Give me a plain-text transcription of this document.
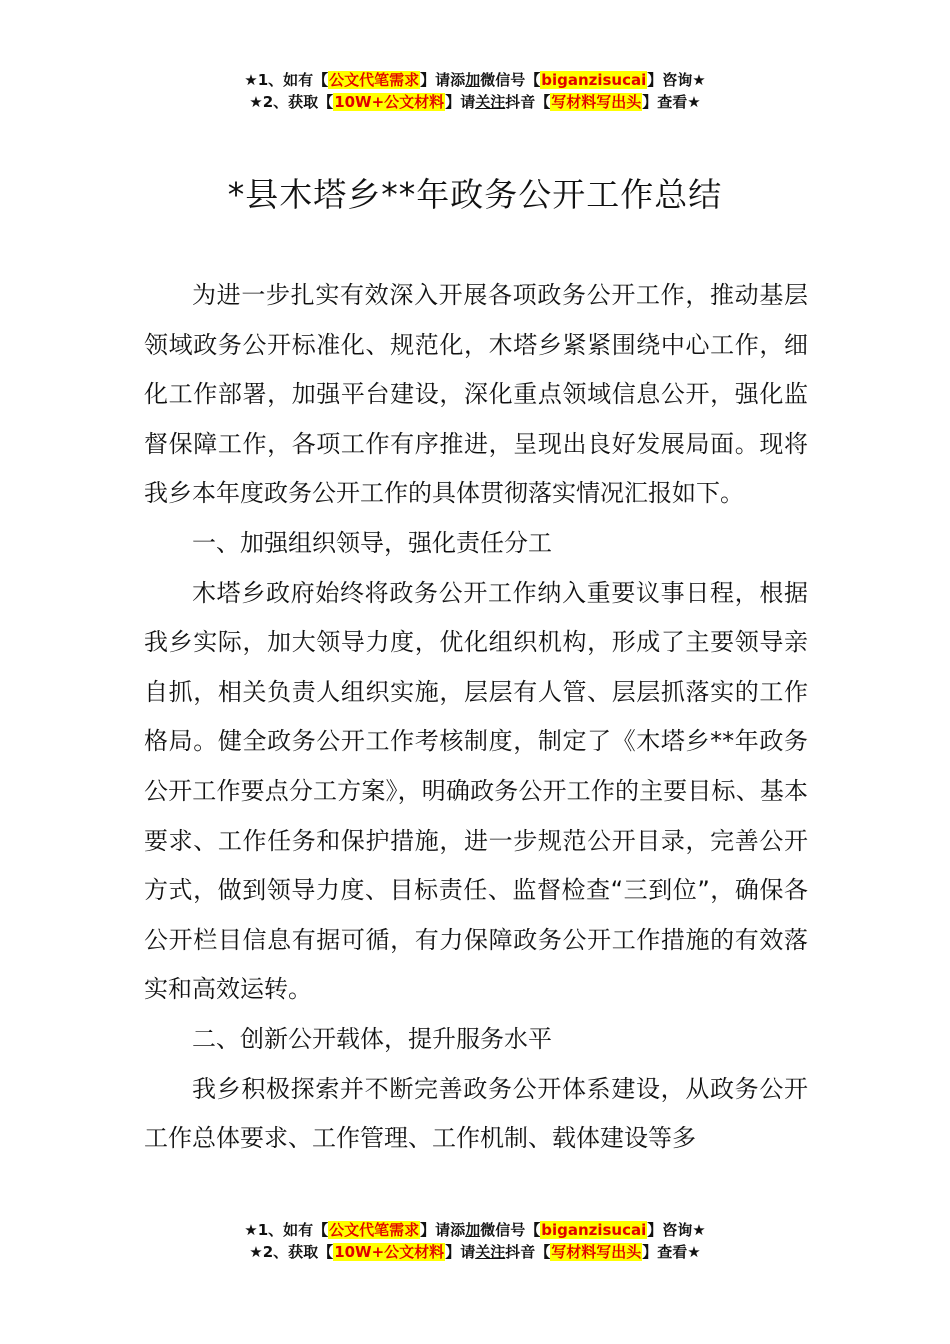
★1、如有【公文代笔需求】请添加微信号【biganzisucai】咨询★
★2、获取【10W+公文材料】请关注抖音【写材料写出头】查看★
*县木塔乡**年政务公开工作总结

为进一步扎实有效深入开展各项政务公开工作，推动基层领域政务公开标准化、规范化，木塔乡紧紧围绕中心工作，细化工作部署，加强平台建设，深化重点领域信息公开，强化监督保障工作，各项工作有序推进，呈现出良好发展局面。现将我乡本年度政务公开工作的具体贯彻落实情况汇报如下。

一、加强组织领导，强化责任分工

木塔乡政府始终将政务公开工作纳入重要议事日程，根据我乡实际，加大领导力度，优化组织机构，形成了主要领导亲自抓，相关负责人组织实施，层层有人管、层层抓落实的工作格局。健全政务公开工作考核制度，制定了《木塔乡**年政务公开工作要点分工方案》，明确政务公开工作的主要目标、基本要求、工作任务和保护措施，进一步规范公开目录，完善公开方式，做到领导力度、目标责任、监督检查“三到位”，确保各公开栏目信息有据可循，有力保障政务公开工作措施的有效落实和高效运转。

二、创新公开载体，提升服务水平

我乡积极探索并不断完善政务公开体系建设，从政务公开工作总体要求、工作管理、工作机制、载体建设等多

★1、如有【公文代笔需求】请添加微信号【biganzisucai】咨询★
★2、获取【10W+公文材料】请关注抖音【写材料写出头】查看★
